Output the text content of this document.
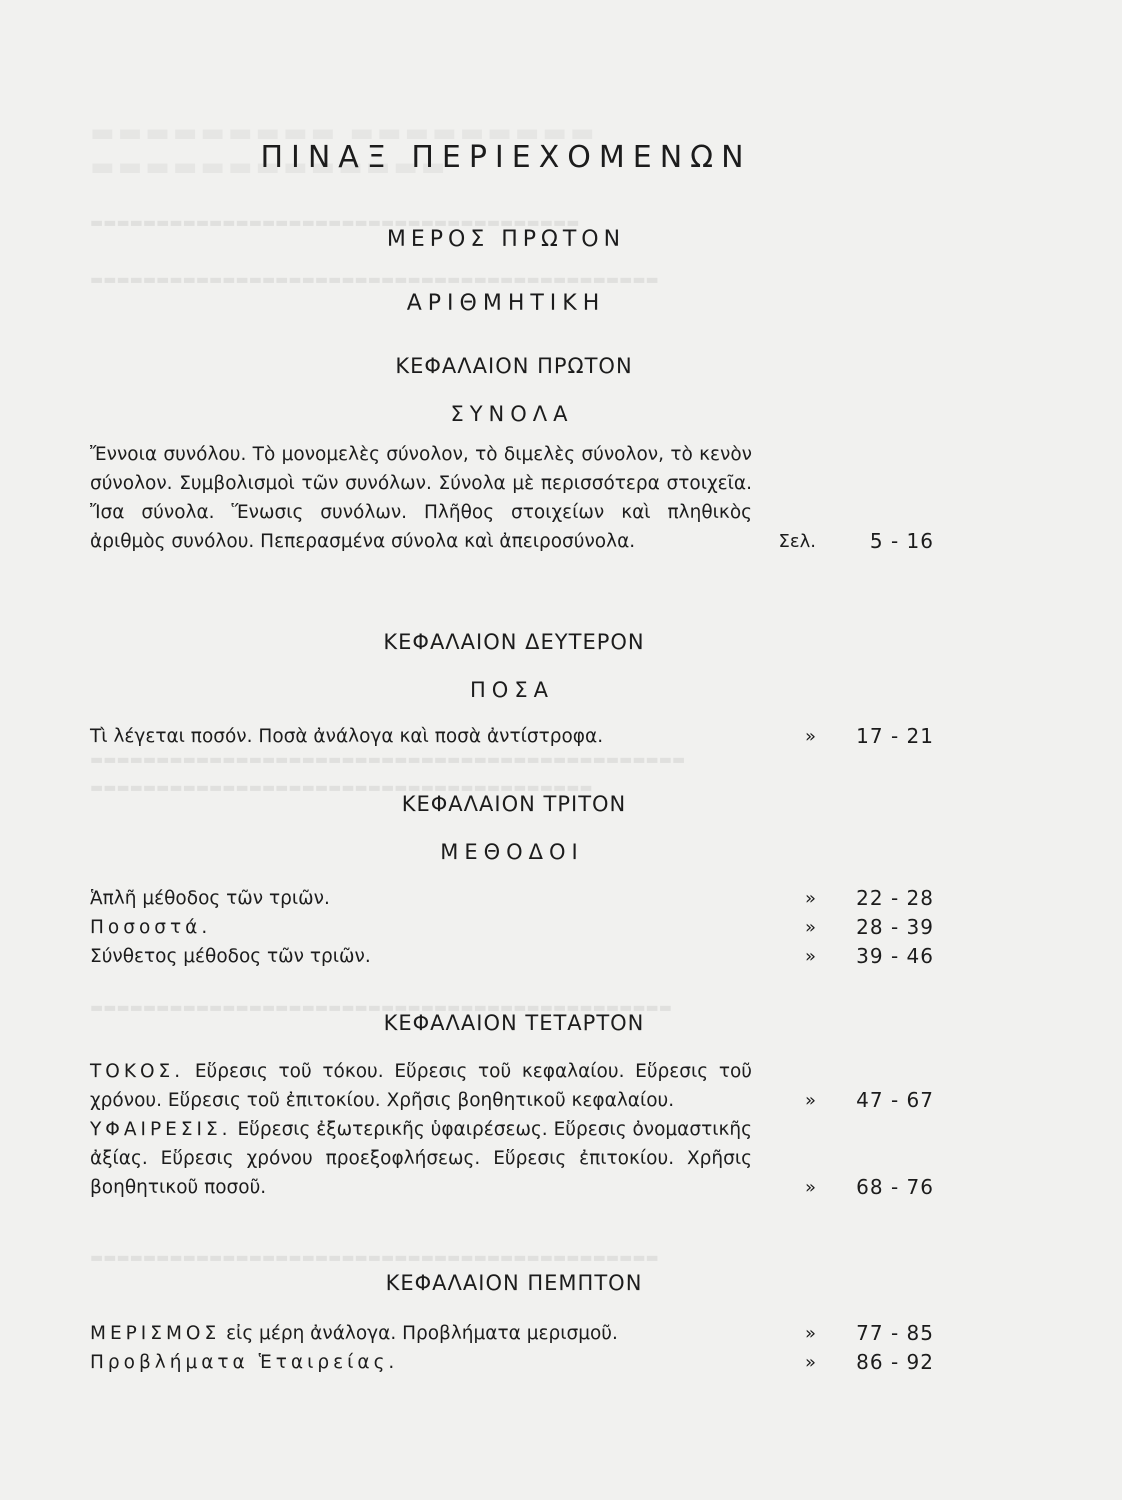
▬▬▬▬▬▬▬▬▬▬▬▬▬▬▬▬▬▬▬▬▬▬▬▬▬▬▬▬▬▬▬▬▬▬▬▬▬
▬▬▬▬▬▬▬▬▬▬▬▬▬▬▬▬▬▬▬▬▬▬▬▬▬▬▬▬▬▬▬▬▬▬▬▬▬▬▬▬▬▬▬
▬▬▬▬▬▬▬▬▬▬▬▬▬▬▬▬▬▬▬▬▬▬▬▬▬▬▬▬▬▬▬▬▬▬▬▬▬▬▬▬▬▬▬▬▬
▬▬▬▬▬▬▬▬▬▬▬▬▬▬▬▬▬▬▬▬▬▬▬▬▬▬▬▬▬▬▬▬▬▬▬▬▬▬
▬▬▬▬▬▬▬▬▬▬▬▬▬▬▬▬▬▬▬▬▬▬▬▬▬▬▬▬▬▬▬▬▬▬▬▬▬▬▬▬▬▬▬▬
▬▬▬▬▬▬▬▬▬▬▬▬▬▬▬▬▬▬▬▬▬▬▬▬▬▬▬▬▬▬▬▬▬▬▬▬▬▬▬▬▬▬▬
ΠΙΝΑΞ ΠΕΡΙΕΧΟΜΕΝΩΝ
ΜΕΡΟΣ ΠΡΩΤΟΝ
ΑΡΙΘΜΗΤΙΚΗ
ΚΕΦΑΛΑΙΟΝ ΠΡΩΤΟΝ
ΣΥΝΟΛΑ
Ἔννοια συνόλου. Τὸ μονομελὲς σύνολον, τὸ διμελὲς σύνολον, τὸ κενὸν σύνολον. Συμβολισμοὶ τῶν συνόλων. Σύνολα μὲ περισσότερα στοιχεῖα. Ἴσα σύνολα. Ἕνωσις συνόλων. Πλῆθος στοιχείων καὶ πληθικὸς ἀριθμὸς συνόλου. Πεπερασμένα σύνολα καὶ ἀπειροσύνολα.	Σελ.	5 - 16
ΚΕΦΑΛΑΙΟΝ ΔΕΥΤΕΡΟΝ
ΠΟΣΑ
Τὶ λέγεται ποσόν. Ποσὰ ἀνάλογα καὶ ποσὰ ἀντίστροφα.	»	17 - 21
ΚΕΦΑΛΑΙΟΝ ΤΡΙΤΟΝ
ΜΕΘΟΔΟΙ
Ἁπλῆ μέθοδος τῶν τριῶν.	»	22 - 28
Ποσοστά.	»	28 - 39
Σύνθετος μέθοδος τῶν τριῶν.	»	39 - 46
ΚΕΦΑΛΑΙΟΝ ΤΕΤΑΡΤΟΝ
ΤΟΚΟΣ. Εὕρεσις τοῦ τόκου. Εὕρεσις τοῦ κεφαλαίου. Εὕρεσις τοῦ χρόνου. Εὕρεσις τοῦ ἐπιτοκίου. Χρῆσις βοηθητικοῦ κεφαλαίου.	»	47 - 67
ΥΦΑΙΡΕΣΙΣ. Εὕρεσις ἐξωτερικῆς ὑφαιρέσεως. Εὕρεσις ὀνομαστικῆς ἀξίας. Εὕρεσις χρόνου προεξοφλήσεως. Εὕρεσις ἐπιτοκίου. Χρῆσις βοηθητικοῦ ποσοῦ.	»	68 - 76
ΚΕΦΑΛΑΙΟΝ ΠΕΜΠΤΟΝ
ΜΕΡΙΣΜΟΣ εἰς μέρη ἀνάλογα. Προβλήματα μερισμοῦ.	»	77 - 85
Προβλήματα Ἑταιρείας.	»	86 - 92
